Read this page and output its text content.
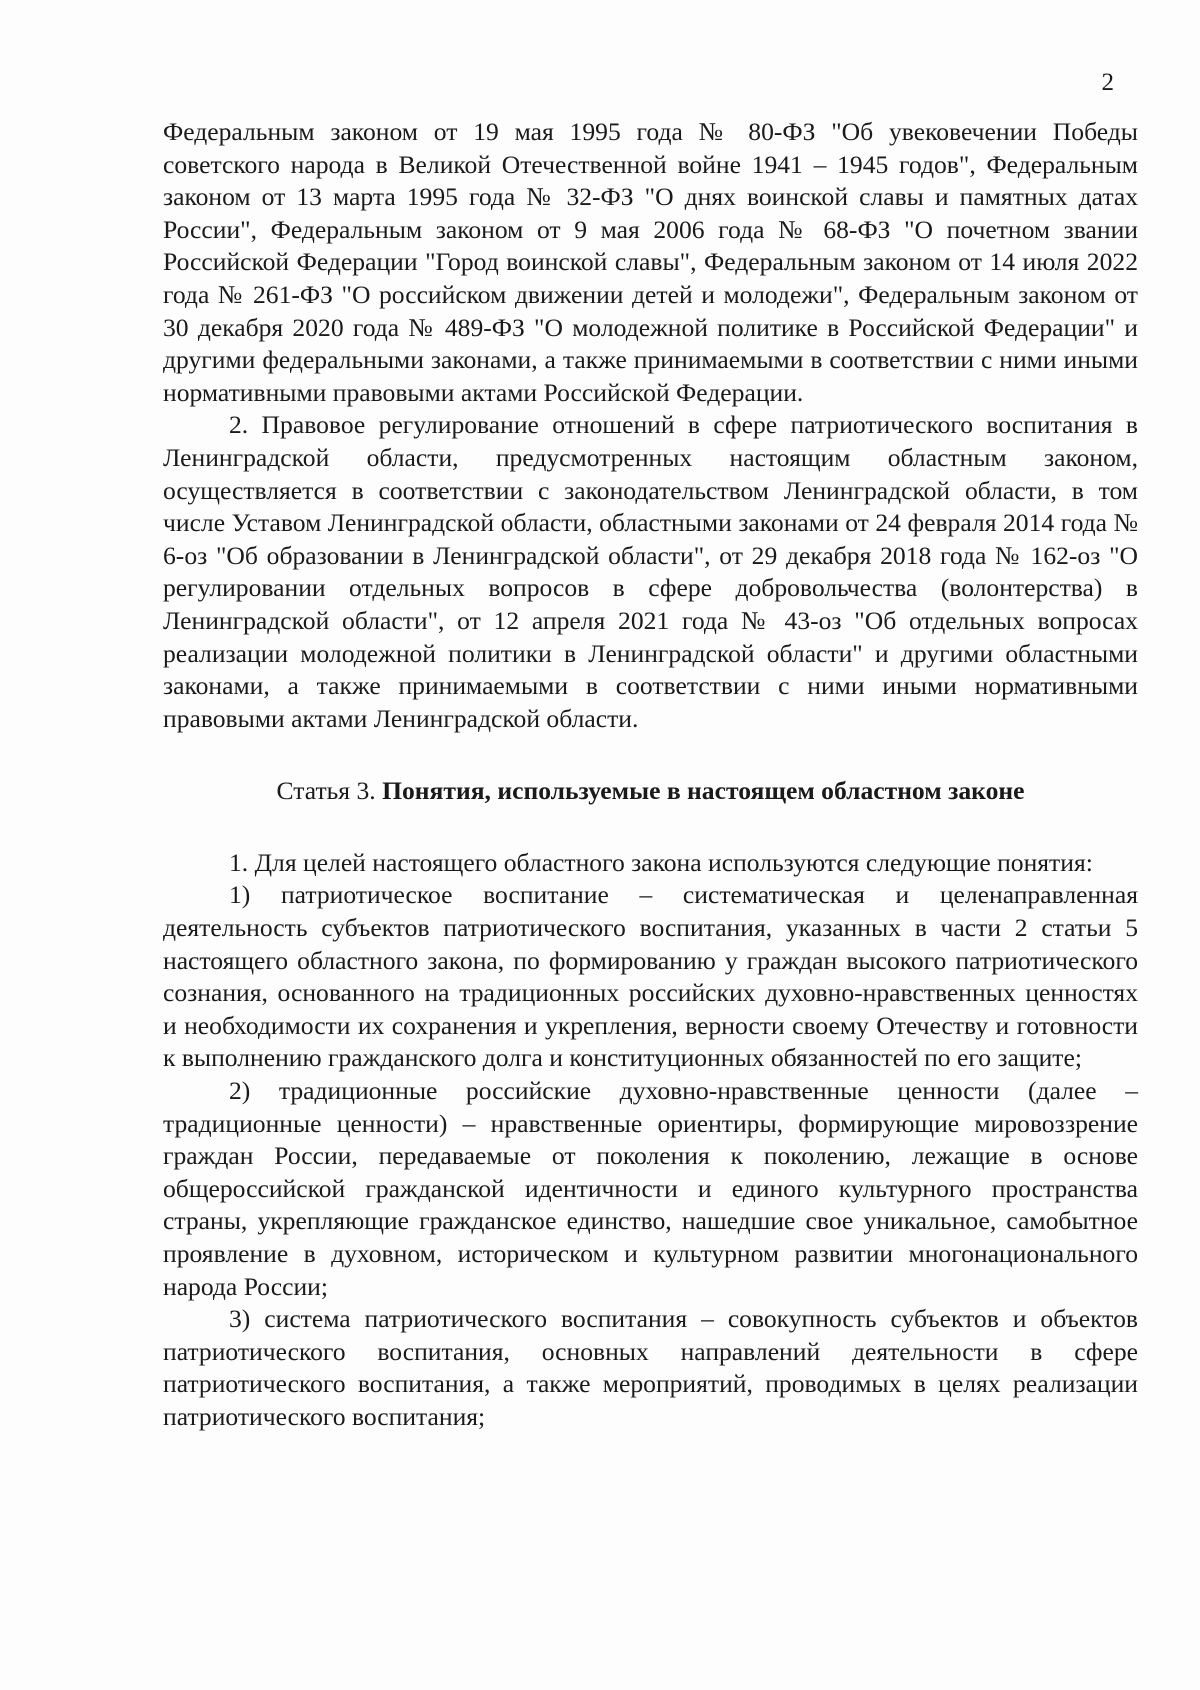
2

Федеральным законом от 19 мая 1995 года № 80-ФЗ "Об увековечении Победы советского народа в Великой Отечественной войне 1941 – 1945 годов", Федеральным законом от 13 марта 1995 года № 32-ФЗ "О днях воинской славы и памятных датах России", Федеральным законом от 9 мая 2006 года № 68-ФЗ "О почетном звании Российской Федерации "Город воинской славы", Федеральным законом от 14 июля 2022 года № 261-ФЗ "О российском движении детей и молодежи", Федеральным законом от 30 декабря 2020 года № 489-ФЗ "О молодежной политике в Российской Федерации" и другими федеральными законами, а также принимаемыми в соответствии с ними иными нормативными правовыми актами Российской Федерации.

2. Правовое регулирование отношений в сфере патриотического воспитания в Ленинградской области, предусмотренных настоящим областным законом, осуществляется в соответствии с законодательством Ленинградской области, в том числе Уставом Ленинградской области, областными законами от 24 февраля 2014 года № 6-оз "Об образовании в Ленинградской области", от 29 декабря 2018 года № 162-оз "О регулировании отдельных вопросов в сфере добровольчества (волонтерства) в Ленинградской области", от 12 апреля 2021 года № 43-оз "Об отдельных вопросах реализации молодежной политики в Ленинградской области" и другими областными законами, а также принимаемыми в соответствии с ними иными нормативными правовыми актами Ленинградской области.

Статья 3. Понятия, используемые в настоящем областном законе

1. Для целей настоящего областного закона используются следующие понятия:

1) патриотическое воспитание – систематическая и целенаправленная деятельность субъектов патриотического воспитания, указанных в части 2 статьи 5 настоящего областного закона, по формированию у граждан высокого патриотического сознания, основанного на традиционных российских духовно-нравственных ценностях и необходимости их сохранения и укрепления, верности своему Отечеству и готовности к выполнению гражданского долга и конституционных обязанностей по его защите;

2) традиционные российские духовно-нравственные ценности (далее – традиционные ценности) – нравственные ориентиры, формирующие мировоззрение граждан России, передаваемые от поколения к поколению, лежащие в основе общероссийской гражданской идентичности и единого культурного пространства страны, укрепляющие гражданское единство, нашедшие свое уникальное, самобытное проявление в духовном, историческом и культурном развитии многонационального народа России;

3) система патриотического воспитания – совокупность субъектов и объектов патриотического воспитания, основных направлений деятельности в сфере патриотического воспитания, а также мероприятий, проводимых в целях реализации патриотического воспитания;
